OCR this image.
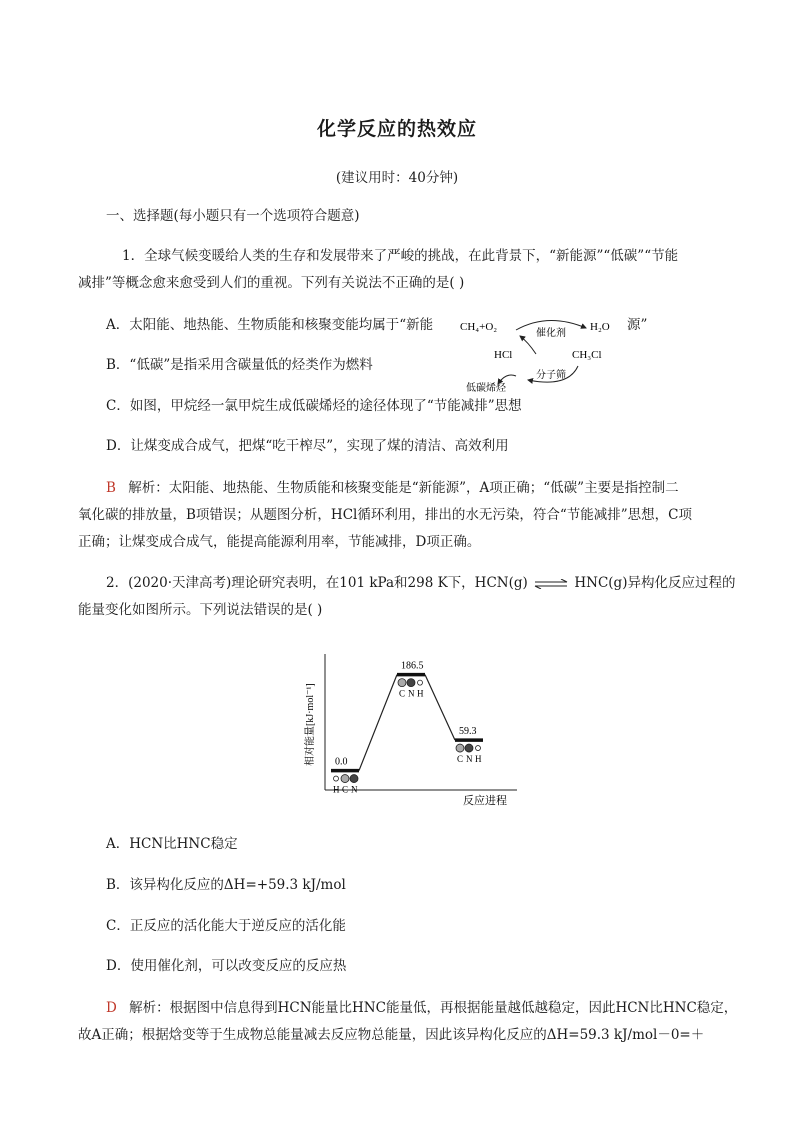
化学反应的热效应
(建议用时：40分钟)
一、选择题(每小题只有一个选项符合题意)
1．全球气候变暖给人类的生存和发展带来了严峻的挑战，在此背景下，“新能源”“低碳”“节能
减排”等概念愈来愈受到人们的重视。下列有关说法不正确的是( )
A．太阳能、地热能、生物质能和核聚变能均属于“新能	源”
B．“低碳”是指采用含碳量低的烃类作为燃料
C．如图，甲烷经一氯甲烷生成低碳烯烃的途径体现了“节能减排”思想
D．让煤变成合成气，把煤“吃干榨尽”，实现了煤的清洁、高效利用
CH₄+O₂
催化剂
H₂O
HCl	CH₃Cl
分子筛
低碳烯烃
B 解析：太阳能、地热能、生物质能和核聚变能是“新能源”，A项正确；“低碳”主要是指控制二
氧化碳的排放量，B项错误；从题图分析，HCl循环利用，排出的水无污染，符合“节能减排”思想，C项
正确；让煤变成合成气，能提高能源利用率，节能减排，D项正确。
2．(2020·天津高考)理论研究表明，在101 kPa和298 K下，HCN(g) ⇌ HNC(g)异构化反应过程的
能量变化如图所示。下列说法错误的是( )
相对能量[kJ·mol⁻¹]
反应进程
0.0
H C N
186.5
C N H
59.3
C N H
A．HCN比HNC稳定
B．该异构化反应的ΔH=+59.3 kJ/mol
C．正反应的活化能大于逆反应的活化能
D．使用催化剂，可以改变反应的反应热
D 解析：根据图中信息得到HCN能量比HNC能量低，再根据能量越低越稳定，因此HCN比HNC稳定，
故A正确；根据焓变等于生成物总能量减去反应物总能量，因此该异构化反应的ΔH=59.3 kJ/mol－0=＋
